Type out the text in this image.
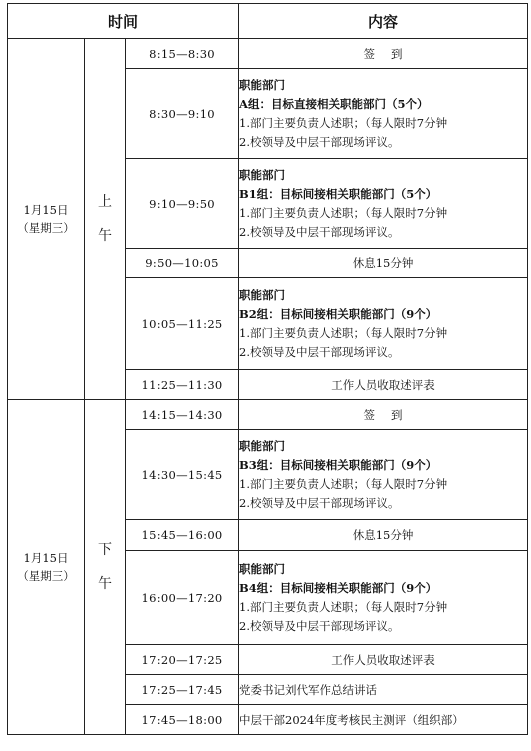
时间			内容

1月15日
（星期三）	上
午	8:15—8:30	签到
		8:30—9:10	职能部门
A组：目标直接相关职能部门（5个）
1.部门主要负责人述职；（每人限时7分钟
2.校领导及中层干部现场评议。

		9:10—9:50	职能部门
B1组：目标间接相关职能部门（5个）
1.部门主要负责人述职；（每人限时7分钟
2.校领导及中层干部现场评议。

		9:50—10:05	休息15分钟
		10:05—11:25	职能部门
B2组：目标间接相关职能部门（9个）
1.部门主要负责人述职；（每人限时7分钟
2.校领导及中层干部现场评议。

		11:25—11:30	工作人员收取述评表

1月15日
（星期三）	下
午	14:15—14:30	签到
		14:30—15:45	职能部门
B3组：目标间接相关职能部门（9个）
1.部门主要负责人述职；（每人限时7分钟
2.校领导及中层干部现场评议。

		15:45—16:00	休息15分钟
		16:00—17:20	职能部门
B4组：目标间接相关职能部门（9个）
1.部门主要负责人述职；（每人限时7分钟
2.校领导及中层干部现场评议。

		17:20—17:25	工作人员收取述评表
		17:25—17:45	党委书记刘代军作总结讲话
		17:45—18:00	中层干部2024年度考核民主测评（组织部）
